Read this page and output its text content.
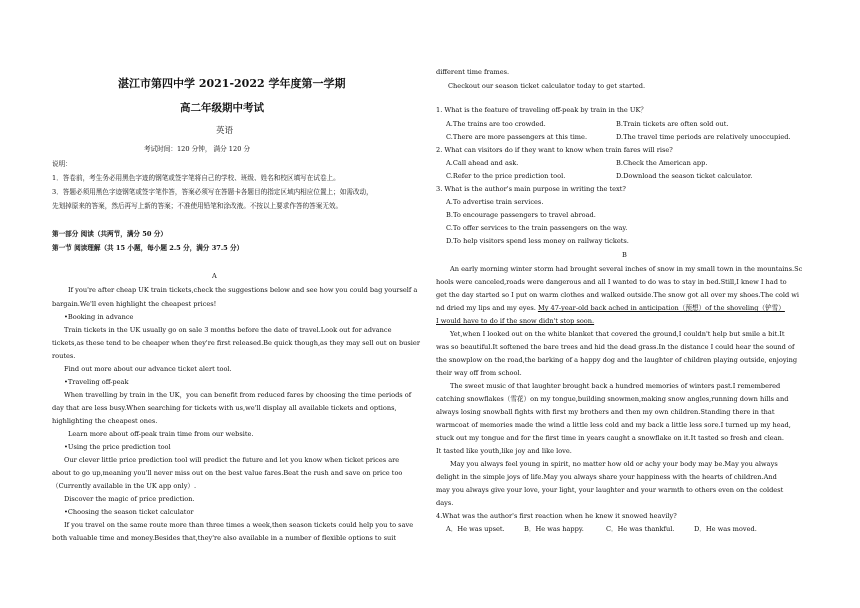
湛江市第四中学 2021-2022 学年度第一学期
高二年级期中考试
英语
考试时间：120 分钟， 满分 120 分
说明：
1．答卷前，考生务必用黑色字迹的钢笔或签字笔将自己的学校、班级、姓名和校区填写在试卷上。
3．答题必须用黑色字迹钢笔或签字笔作答，答案必须写在答题卡各题目的指定区域内相应位置上；如需改动，
先划掉原来的答案，然后再写上新的答案；不准使用铅笔和涂改液。不按以上要求作答的答案无效。
第一部分 阅读（共两节，满分 50 分）
第一节 阅读理解（共 15 小题，每小题 2.5 分，满分 37.5 分）
A
If you're after cheap UK train tickets,check the suggestions below and see how you could bag yourself a
bargain.We'll even highlight the cheapest prices!
•Booking in advance
Train tickets in the UK usually go on sale 3 months before the date of travel.Look out for advance
tickets,as these tend to be cheaper when they're first released.Be quick though,as they may sell out on busier
routes.
Find out more about our advance ticket alert tool.
•Traveling off-peak
When travelling by train in the UK，you can benefit from reduced fares by choosing the time periods of
day that are less busy.When searching for tickets with us,we'll display all available tickets and options,
highlighting the cheapest ones.
Learn more about off-peak train time from our website.
•Using the price prediction tool
Our clever little price prediction tool will predict the future and let you know when ticket prices are
about to go up,meaning you'll never miss out on the best value fares.Beat the rush and save on price too
（Currently available in the UK app only）.
Discover the magic of price prediction.
•Choosing the season ticket calculator
If you travel on the same route more than three times a week,then season tickets could help you to save
both valuable time and money.Besides that,they're also available in a number of flexible options to suit
different time frames.
Checkout our season ticket calculator today to get started.
1. What is the feature of traveling off-peak by train in the UK？
A.The trains are too crowded.	B.Train tickets are often sold out.
C.There are more passengers at this time.	D.The travel time periods are relatively unoccupied.
2. What can visitors do if they want to know when train fares will rise?
A.Call ahead and ask.	B.Check the American app.
C.Refer to the price prediction tool.	D.Download the season ticket calculator.
3. What is the author's main purpose in writing the text?
A.To advertise train services.
B.To encourage passengers to travel abroad.
C.To offer services to the train passengers on the way.
D.To help visitors spend less money on railway tickets.
B
An early morning winter storm had brought several inches of snow in my small town in the mountains.Sc
hools were canceled,roads were dangerous and all I wanted to do was to stay in bed.Still,I knew I had to
get the day started so I put on warm clothes and walked outside.The snow got all over my shoes.The cold wi
nd dried my lips and my eyes. My 47-year-old back ached in anticipation（预想）of the shoveling（铲雪）
I would have to do if the snow didn't stop soon.
Yet,when I looked out on the white blanket that covered the ground,I couldn't help but smile a bit.It
was so beautiful.It softened the bare trees and hid the dead grass.In the distance I could hear the sound of
the snowplow on the road,the barking of a happy dog and the laughter of children playing outside, enjoying
their way off from school.
The sweet music of that laughter brought back a hundred memories of winters past.I remembered
catching snowflakes（雪花）on my tongue,building snowmen,making snow angles,running down hills and
always losing snowball fights with first my brothers and then my own children.Standing there in that
warmcoat of memories made the wind a little less cold and my back a little less sore.I turned up my head,
stuck out my tongue and for the first time in years caught a snowflake on it.It tasted so fresh and clean.
It tasted like youth,like joy and like love.
May you always feel young in spirit, no matter how old or achy your body may be.May you always
delight in the simple joys of life.May you always share your happiness with the hearts of children.And
may you always give your love, your light, your laughter and your warmth to others even on the coldest
days.
4.What was the author's first reaction when he knew it snowed heavily?
A．He was upset.	B．He was happy.	C．He was thankful.	D．He was moved.
